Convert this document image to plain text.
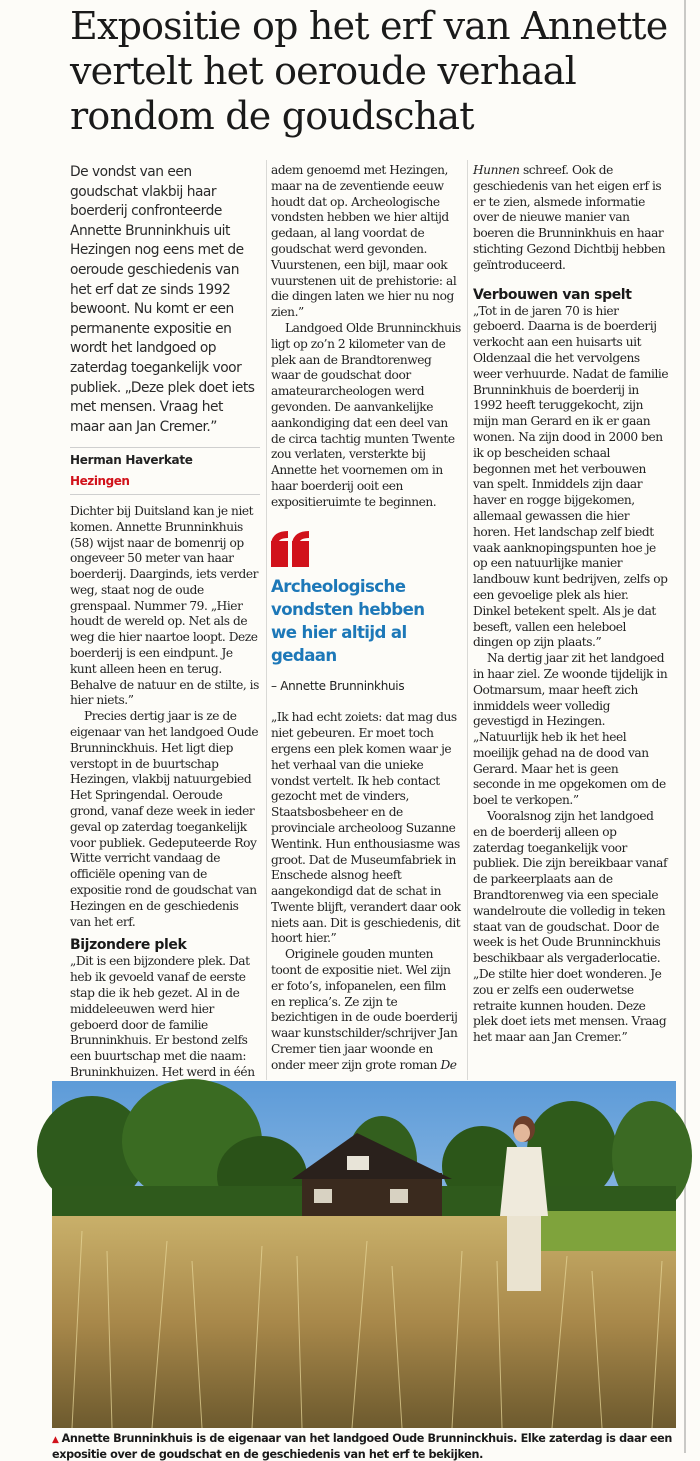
Expositie op het erf van Annette vertelt het oeroude verhaal rondom de goudschat
De vondst van een goudschat vlakbij haar boerderij confronteerde Annette Brunninkhuis uit Hezingen nog eens met de oeroude geschiedenis van het erf dat ze sinds 1992 bewoont. Nu komt er een permanente expositie en wordt het landgoed op zaterdag toegankelijk voor publiek. „Deze plek doet iets met mensen. Vraag het maar aan Jan Cremer.”
Herman Haverkate
Hezingen

Dichter bij Duitsland kan je niet komen. Annette Brunninkhuis (58) wijst naar de bomenrij op ongeveer 50 meter van haar boerderij. Daarginds, iets verder weg, staat nog de oude grenspaal. Nummer 79. „Hier houdt de wereld op. Net als de weg die hier naartoe loopt. Deze boerderij is een eindpunt. Je kunt alleen heen en terug. Behalve de natuur en de stilte, is hier niets.”

Precies dertig jaar is ze de eigenaar van het landgoed Oude Brunninckhuis. Het ligt diep verstopt in de buurtschap Hezingen, vlakbij natuurgebied Het Springendal. Oeroude grond, vanaf deze week in ieder geval op zaterdag toegankelijk voor publiek. Gedeputeerde Roy Witte verricht vandaag de officiële opening van de expositie rond de goudschat van Hezingen en de geschiedenis van het erf.

Bijzondere plek

„Dit is een bijzondere plek. Dat heb ik gevoeld vanaf de eerste stap die ik heb gezet. Al in de middeleeuwen werd hier geboerd door de familie Brunninkhuis. Er bestond zelfs een buurtschap met die naam: Bruninkhuizen. Het werd in één

adem genoemd met Hezingen, maar na de zeventiende eeuw houdt dat op. Archeologische vondsten hebben we hier altijd gedaan, al lang voordat de goudschat werd gevonden. Vuurstenen, een bijl, maar ook vuurstenen uit de prehistorie: al die dingen laten we hier nu nog zien.”

Landgoed Olde Brunninckhuis ligt op zo’n 2 kilometer van de plek aan de Brandtorenweg waar de goudschat door amateurarcheologen werd gevonden. De aanvankelijke aankondiging dat een deel van de circa tachtig munten Twente zou verlaten, versterkte bij Annette het voornemen om in haar boerderij ooit een expositieruimte te beginnen.

Archeologische vondsten hebben we hier altijd al gedaan
– Annette Brunninkhuis

„Ik had echt zoiets: dat mag dus niet gebeuren. Er moet toch ergens een plek komen waar je het verhaal van die unieke vondst vertelt. Ik heb contact gezocht met de vinders, Staatsbosbeheer en de provinciale archeoloog Suzanne Wentink. Hun enthousiasme was groot. Dat de Museumfabriek in Enschede alsnog heeft aangekondigd dat de schat in Twente blijft, verandert daar ook niets aan. Dit is geschiedenis, dit hoort hier.”

Originele gouden munten toont de expositie niet. Wel zijn er foto’s, infopanelen, een film en replica’s. Ze zijn te bezichtigen in de oude boerderij waar kunstschilder/schrijver Jan Cremer tien jaar woonde en onder meer zijn grote roman De

Hunnen schreef. Ook de geschiedenis van het eigen erf is er te zien, alsmede informatie over de nieuwe manier van boeren die Brunninkhuis en haar stichting Gezond Dichtbij hebben geïntroduceerd.

Verbouwen van spelt

„Tot in de jaren 70 is hier geboerd. Daarna is de boerderij verkocht aan een huisarts uit Oldenzaal die het vervolgens weer verhuurde. Nadat de familie Brunninkhuis de boerderij in 1992 heeft teruggekocht, zijn mijn man Gerard en ik er gaan wonen. Na zijn dood in 2000 ben ik op bescheiden schaal begonnen met het verbouwen van spelt. Inmiddels zijn daar haver en rogge bijgekomen, allemaal gewassen die hier horen. Het landschap zelf biedt vaak aanknopingspunten hoe je op een natuurlijke manier landbouw kunt bedrijven, zelfs op een gevoelige plek als hier. Dinkel betekent spelt. Als je dat beseft, vallen een heleboel dingen op zijn plaats.”

Na dertig jaar zit het landgoed in haar ziel. Ze woonde tijdelijk in Ootmarsum, maar heeft zich inmiddels weer volledig gevestigd in Hezingen. „Natuurlijk heb ik het heel moeilijk gehad na de dood van Gerard. Maar het is geen seconde in me opgekomen om de boel te verkopen.”

Vooralsnog zijn het landgoed en de boerderij alleen op zaterdag toegankelijk voor publiek. Die zijn bereikbaar vanaf de parkeerplaats aan de Brandtorenweg via een speciale wandelroute die volledig in teken staat van de goudschat. Door de week is het Oude Brunninckhuis beschikbaar als vergaderlocatie. „De stilte hier doet wonderen. Je zou er zelfs een ouderwetse retraite kunnen houden. Deze plek doet iets met mensen. Vraag het maar aan Jan Cremer.”

▲ Annette Brunninkhuis is de eigenaar van het landgoed Oude Brunninckhuis. Elke zaterdag is daar een expositie over de goudschat en de geschiedenis van het erf te bekijken.
